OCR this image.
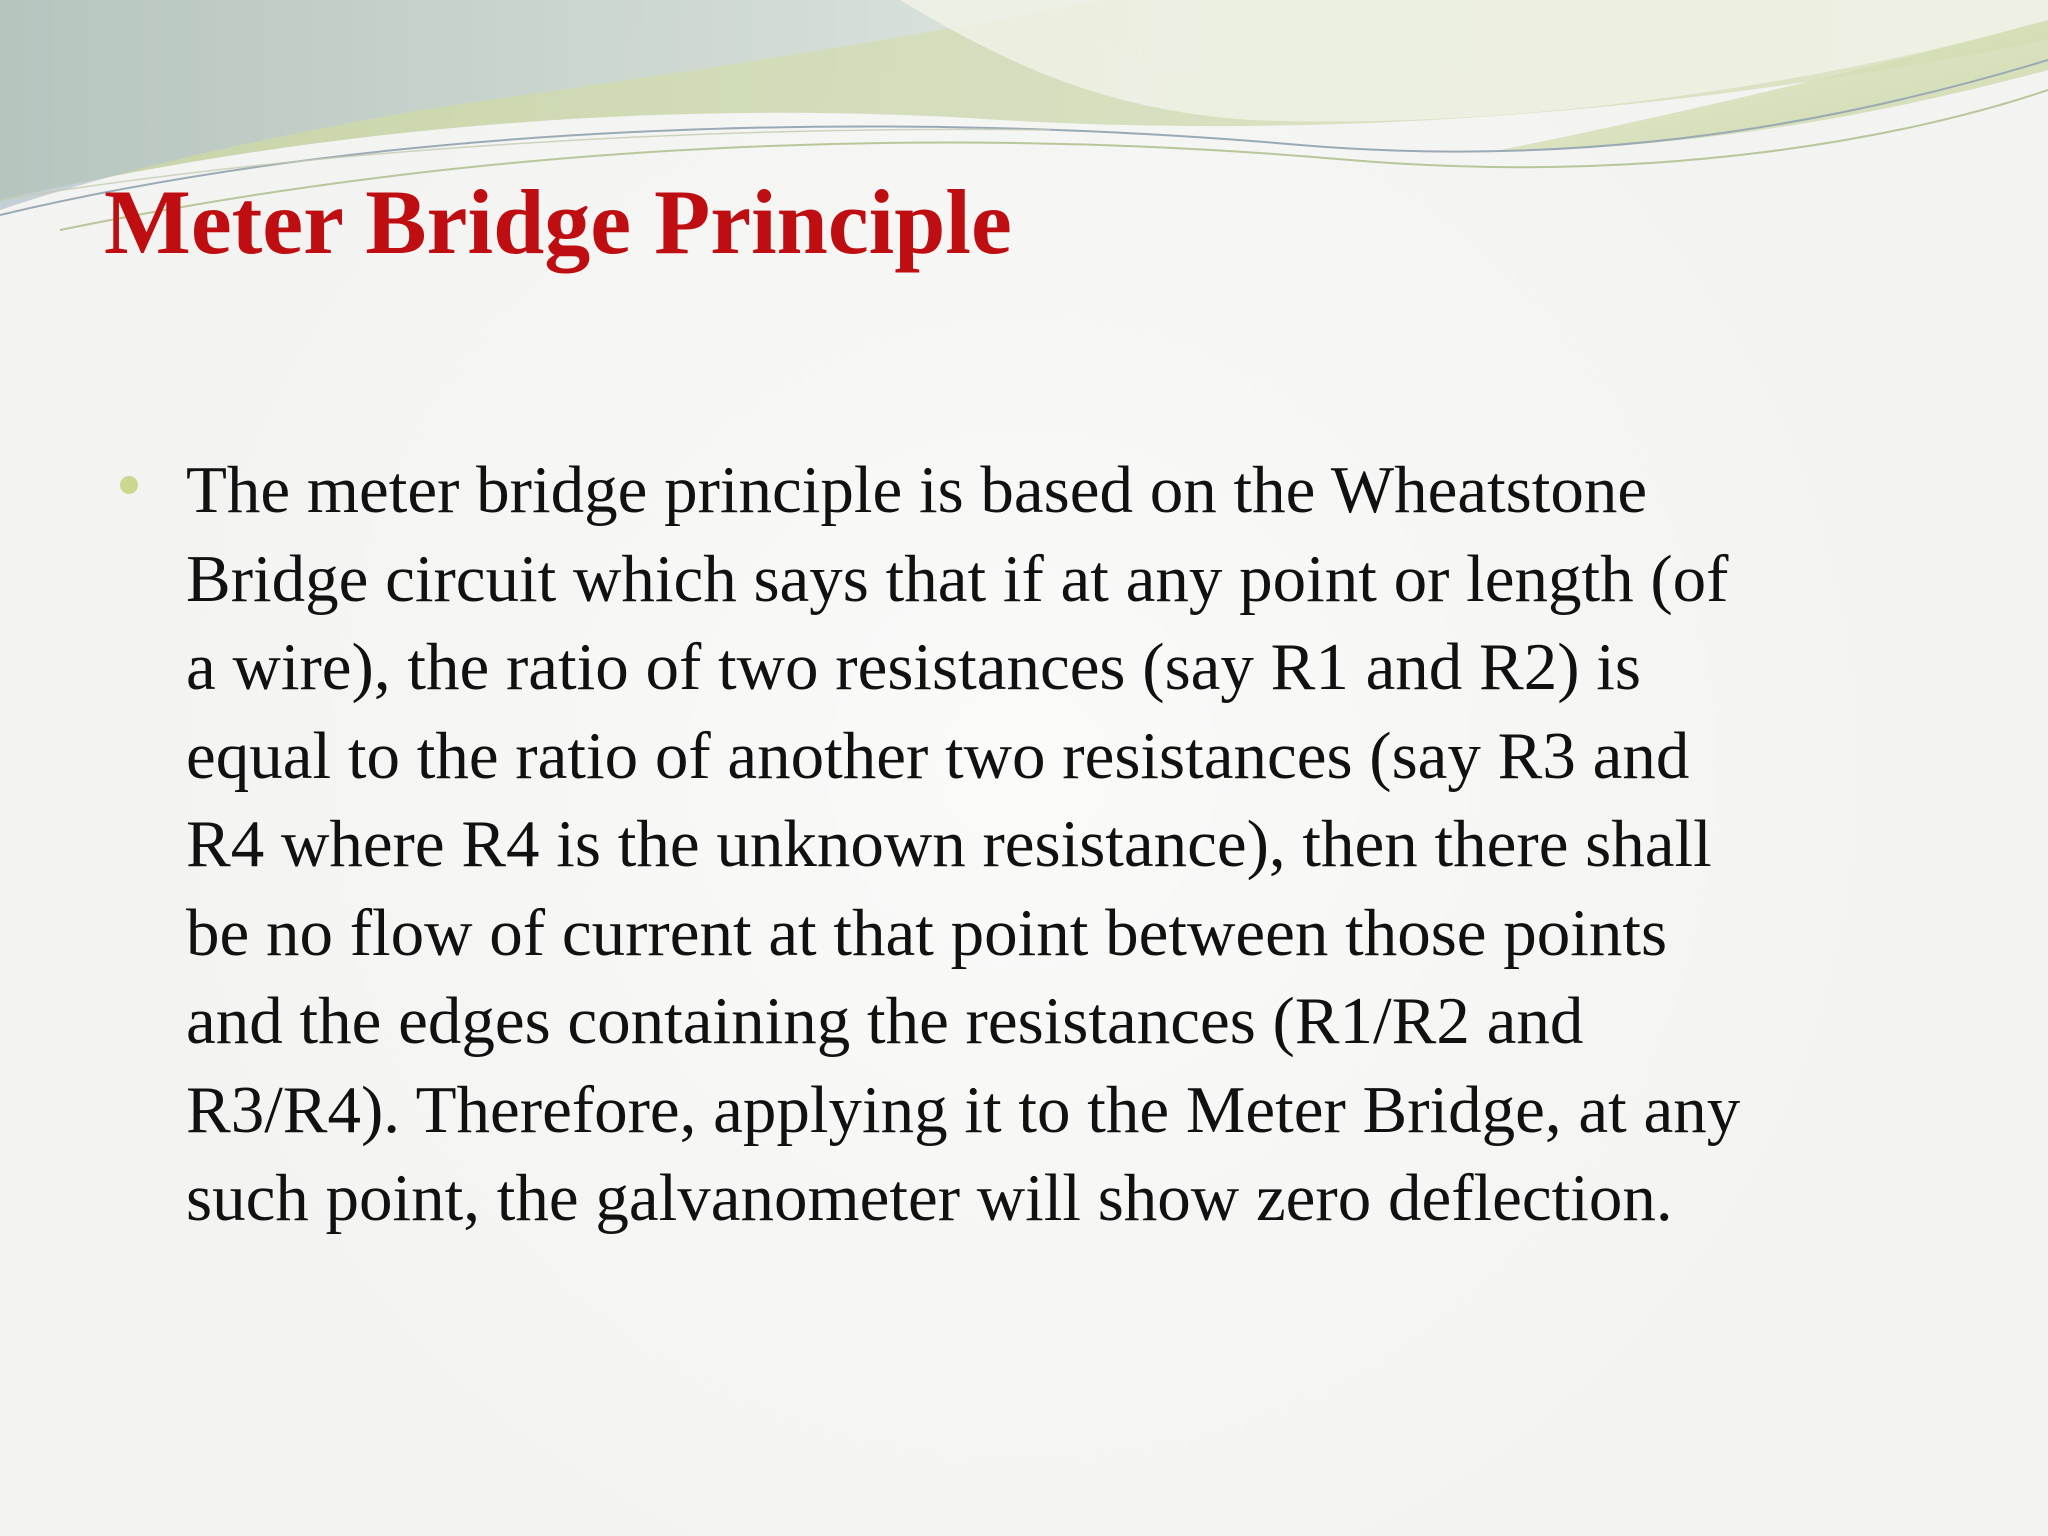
Meter Bridge Principle
The meter bridge principle is based on the Wheatstone
Bridge circuit which says that if at any point or length (of
a wire), the ratio of two resistances (say R1 and R2) is
equal to the ratio of another two resistances (say R3 and
R4 where R4 is the unknown resistance), then there shall
be no flow of current at that point between those points
and the edges containing the resistances (R1/R2 and
R3/R4). Therefore, applying it to the Meter Bridge, at any
such point, the galvanometer will show zero deflection.
